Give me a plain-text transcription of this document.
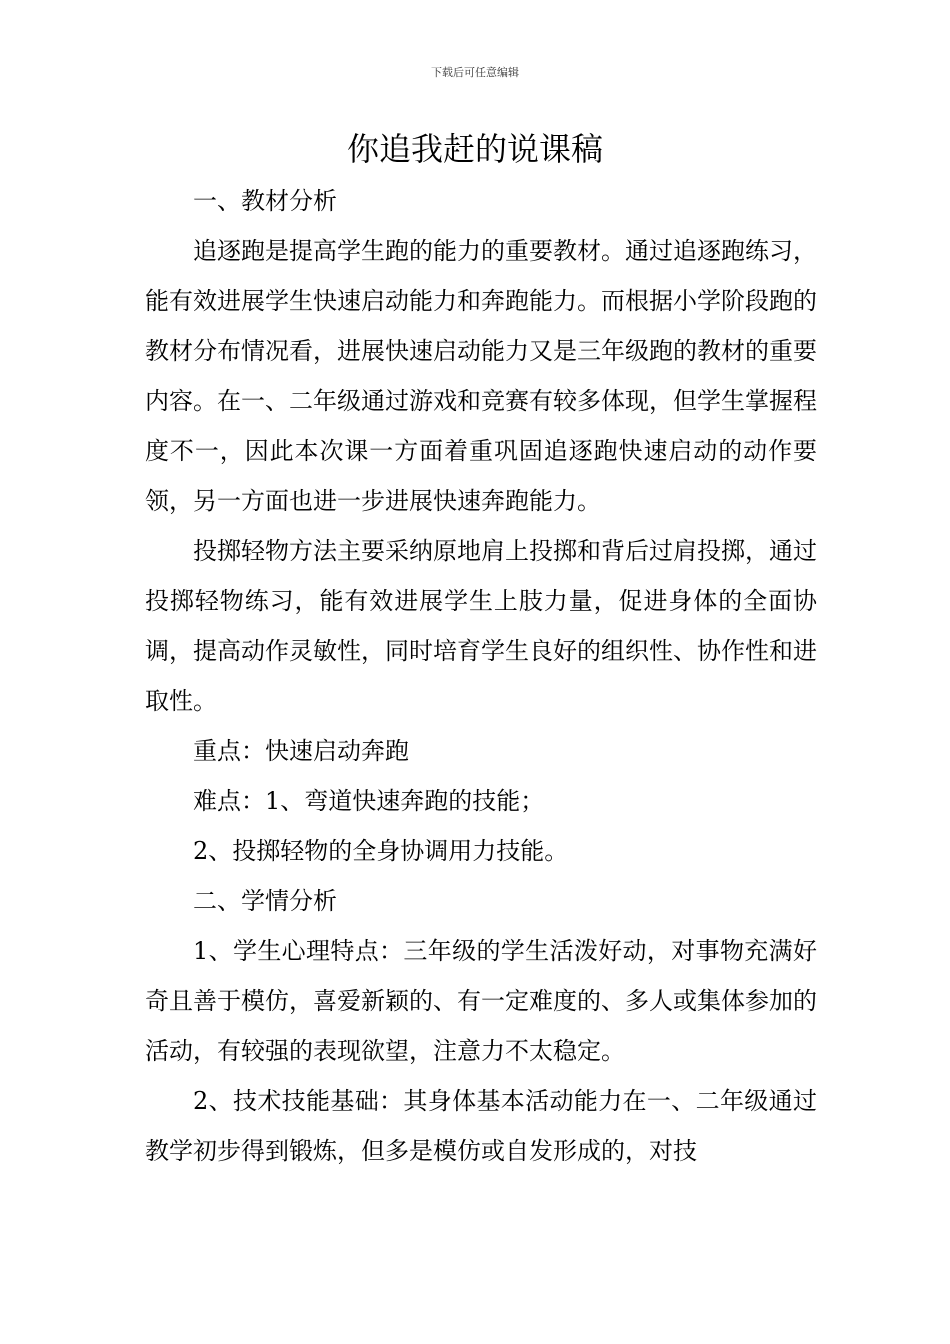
下载后可任意编辑
你追我赶的说课稿

一、教材分析

追逐跑是提高学生跑的能力的重要教材。通过追逐跑练习，能有效进展学生快速启动能力和奔跑能力。而根据小学阶段跑的教材分布情况看，进展快速启动能力又是三年级跑的教材的重要内容。在一、二年级通过游戏和竞赛有较多体现，但学生掌握程度不一，因此本次课一方面着重巩固追逐跑快速启动的动作要领，另一方面也进一步进展快速奔跑能力。

投掷轻物方法主要采纳原地肩上投掷和背后过肩投掷，通过投掷轻物练习，能有效进展学生上肢力量，促进身体的全面协调，提高动作灵敏性，同时培育学生良好的组织性、协作性和进取性。

重点：快速启动奔跑

难点：1、弯道快速奔跑的技能；

2、投掷轻物的全身协调用力技能。

二、学情分析

1、学生心理特点：三年级的学生活泼好动，对事物充满好奇且善于模仿，喜爱新颖的、有一定难度的、多人或集体参加的活动，有较强的表现欲望，注意力不太稳定。

2、技术技能基础：其身体基本活动能力在一、二年级通过教学初步得到锻炼，但多是模仿或自发形成的，对技
